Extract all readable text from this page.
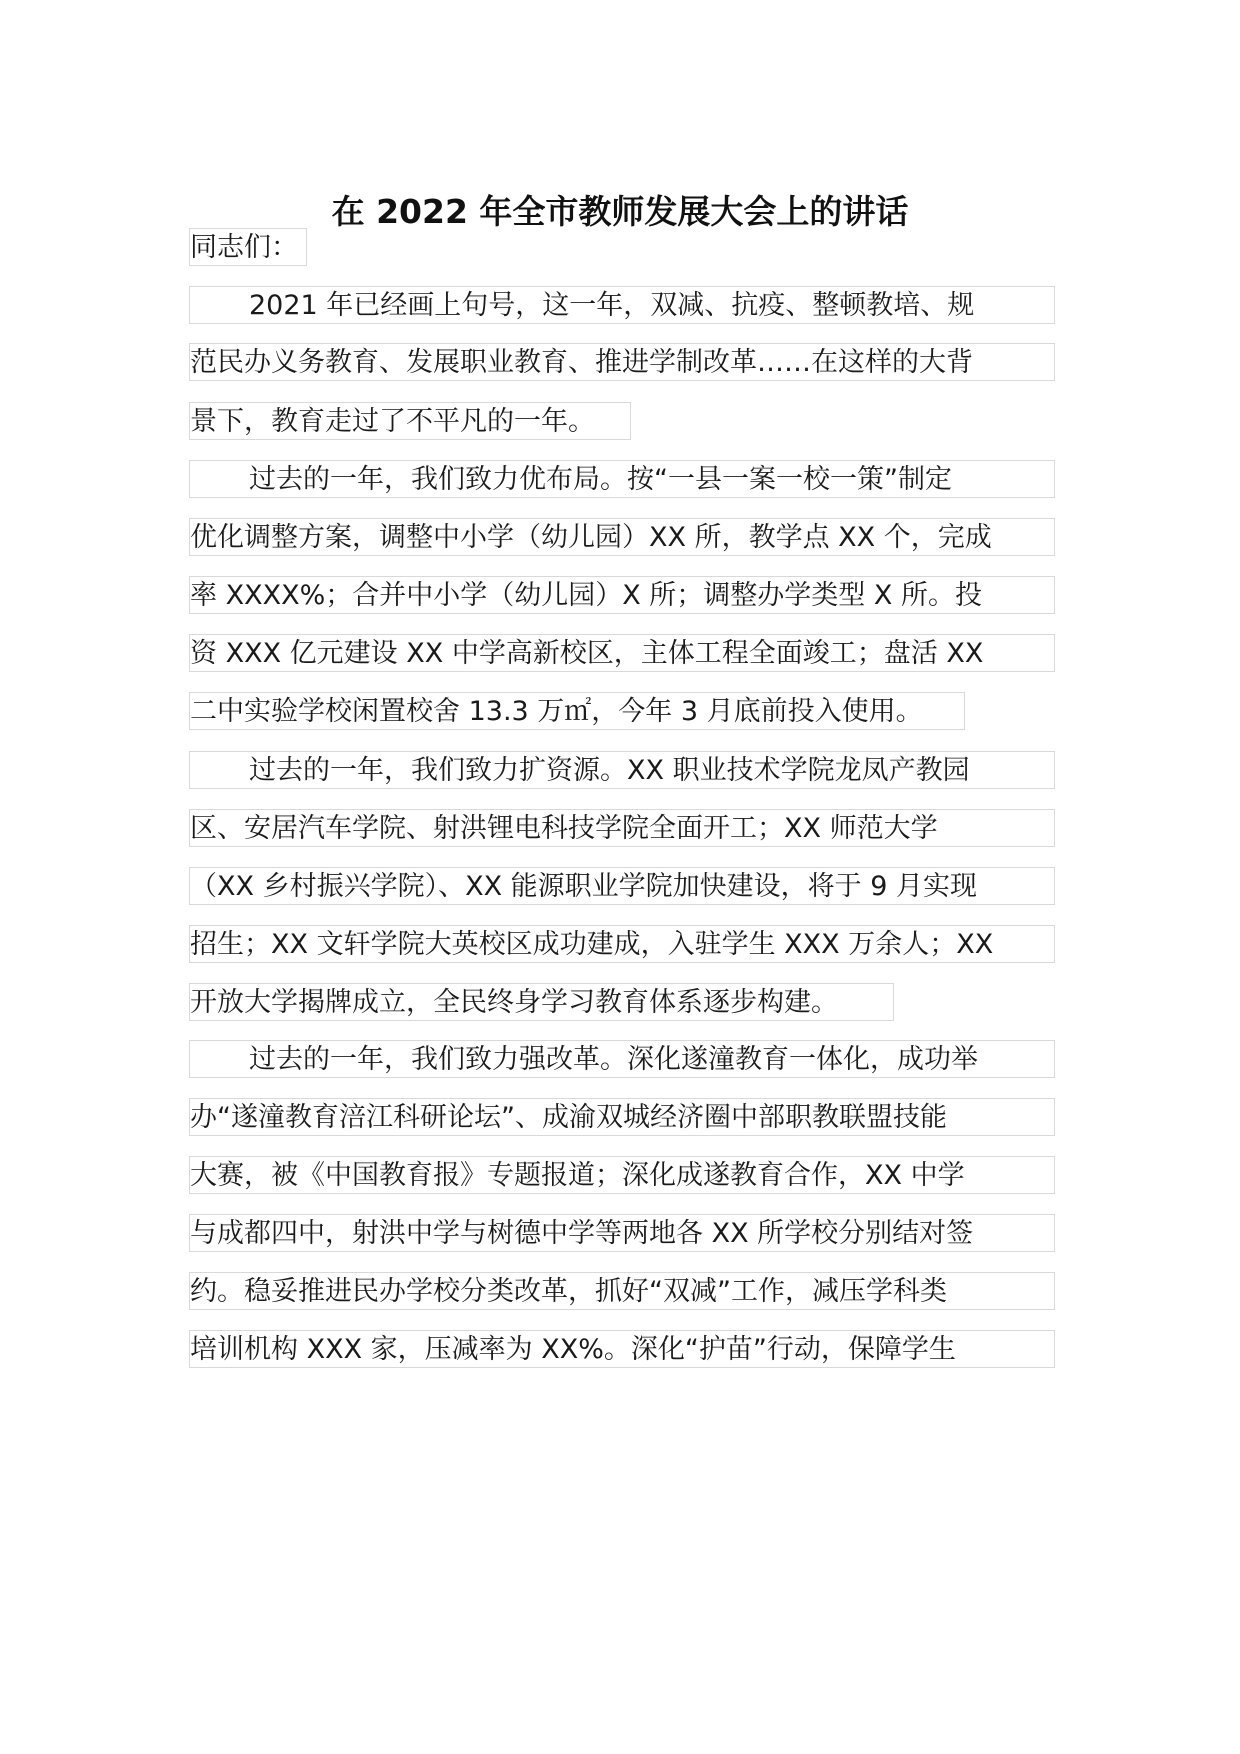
在 2022 年全市教师发展大会上的讲话
同志们：
2021 年已经画上句号，这一年，双减、抗疫、整顿教培、规
范民办义务教育、发展职业教育、推进学制改革……在这样的大背
景下，教育走过了不平凡的一年。
过去的一年，我们致力优布局。按“一县一案一校一策”制定
优化调整方案，调整中小学（幼儿园）XX 所，教学点 XX 个，完成
率 XXXX%；合并中小学（幼儿园）X 所；调整办学类型 X 所。投
资 XXX 亿元建设 XX 中学高新校区，主体工程全面竣工；盘活 XX
二中实验学校闲置校舍 13.3 万㎡，今年 3 月底前投入使用。
过去的一年，我们致力扩资源。XX 职业技术学院龙凤产教园
区、安居汽车学院、射洪锂电科技学院全面开工；XX 师范大学
（XX 乡村振兴学院）、XX 能源职业学院加快建设，将于 9 月实现
招生；XX 文轩学院大英校区成功建成，入驻学生 XXX 万余人；XX
开放大学揭牌成立，全民终身学习教育体系逐步构建。
过去的一年，我们致力强改革。深化遂潼教育一体化，成功举
办“遂潼教育涪江科研论坛”、成渝双城经济圈中部职教联盟技能
大赛，被《中国教育报》专题报道；深化成遂教育合作，XX 中学
与成都四中，射洪中学与树德中学等两地各 XX 所学校分别结对签
约。稳妥推进民办学校分类改革，抓好“双减”工作，减压学科类
培训机构 XXX 家，压减率为 XX%。深化“护苗”行动，保障学生
